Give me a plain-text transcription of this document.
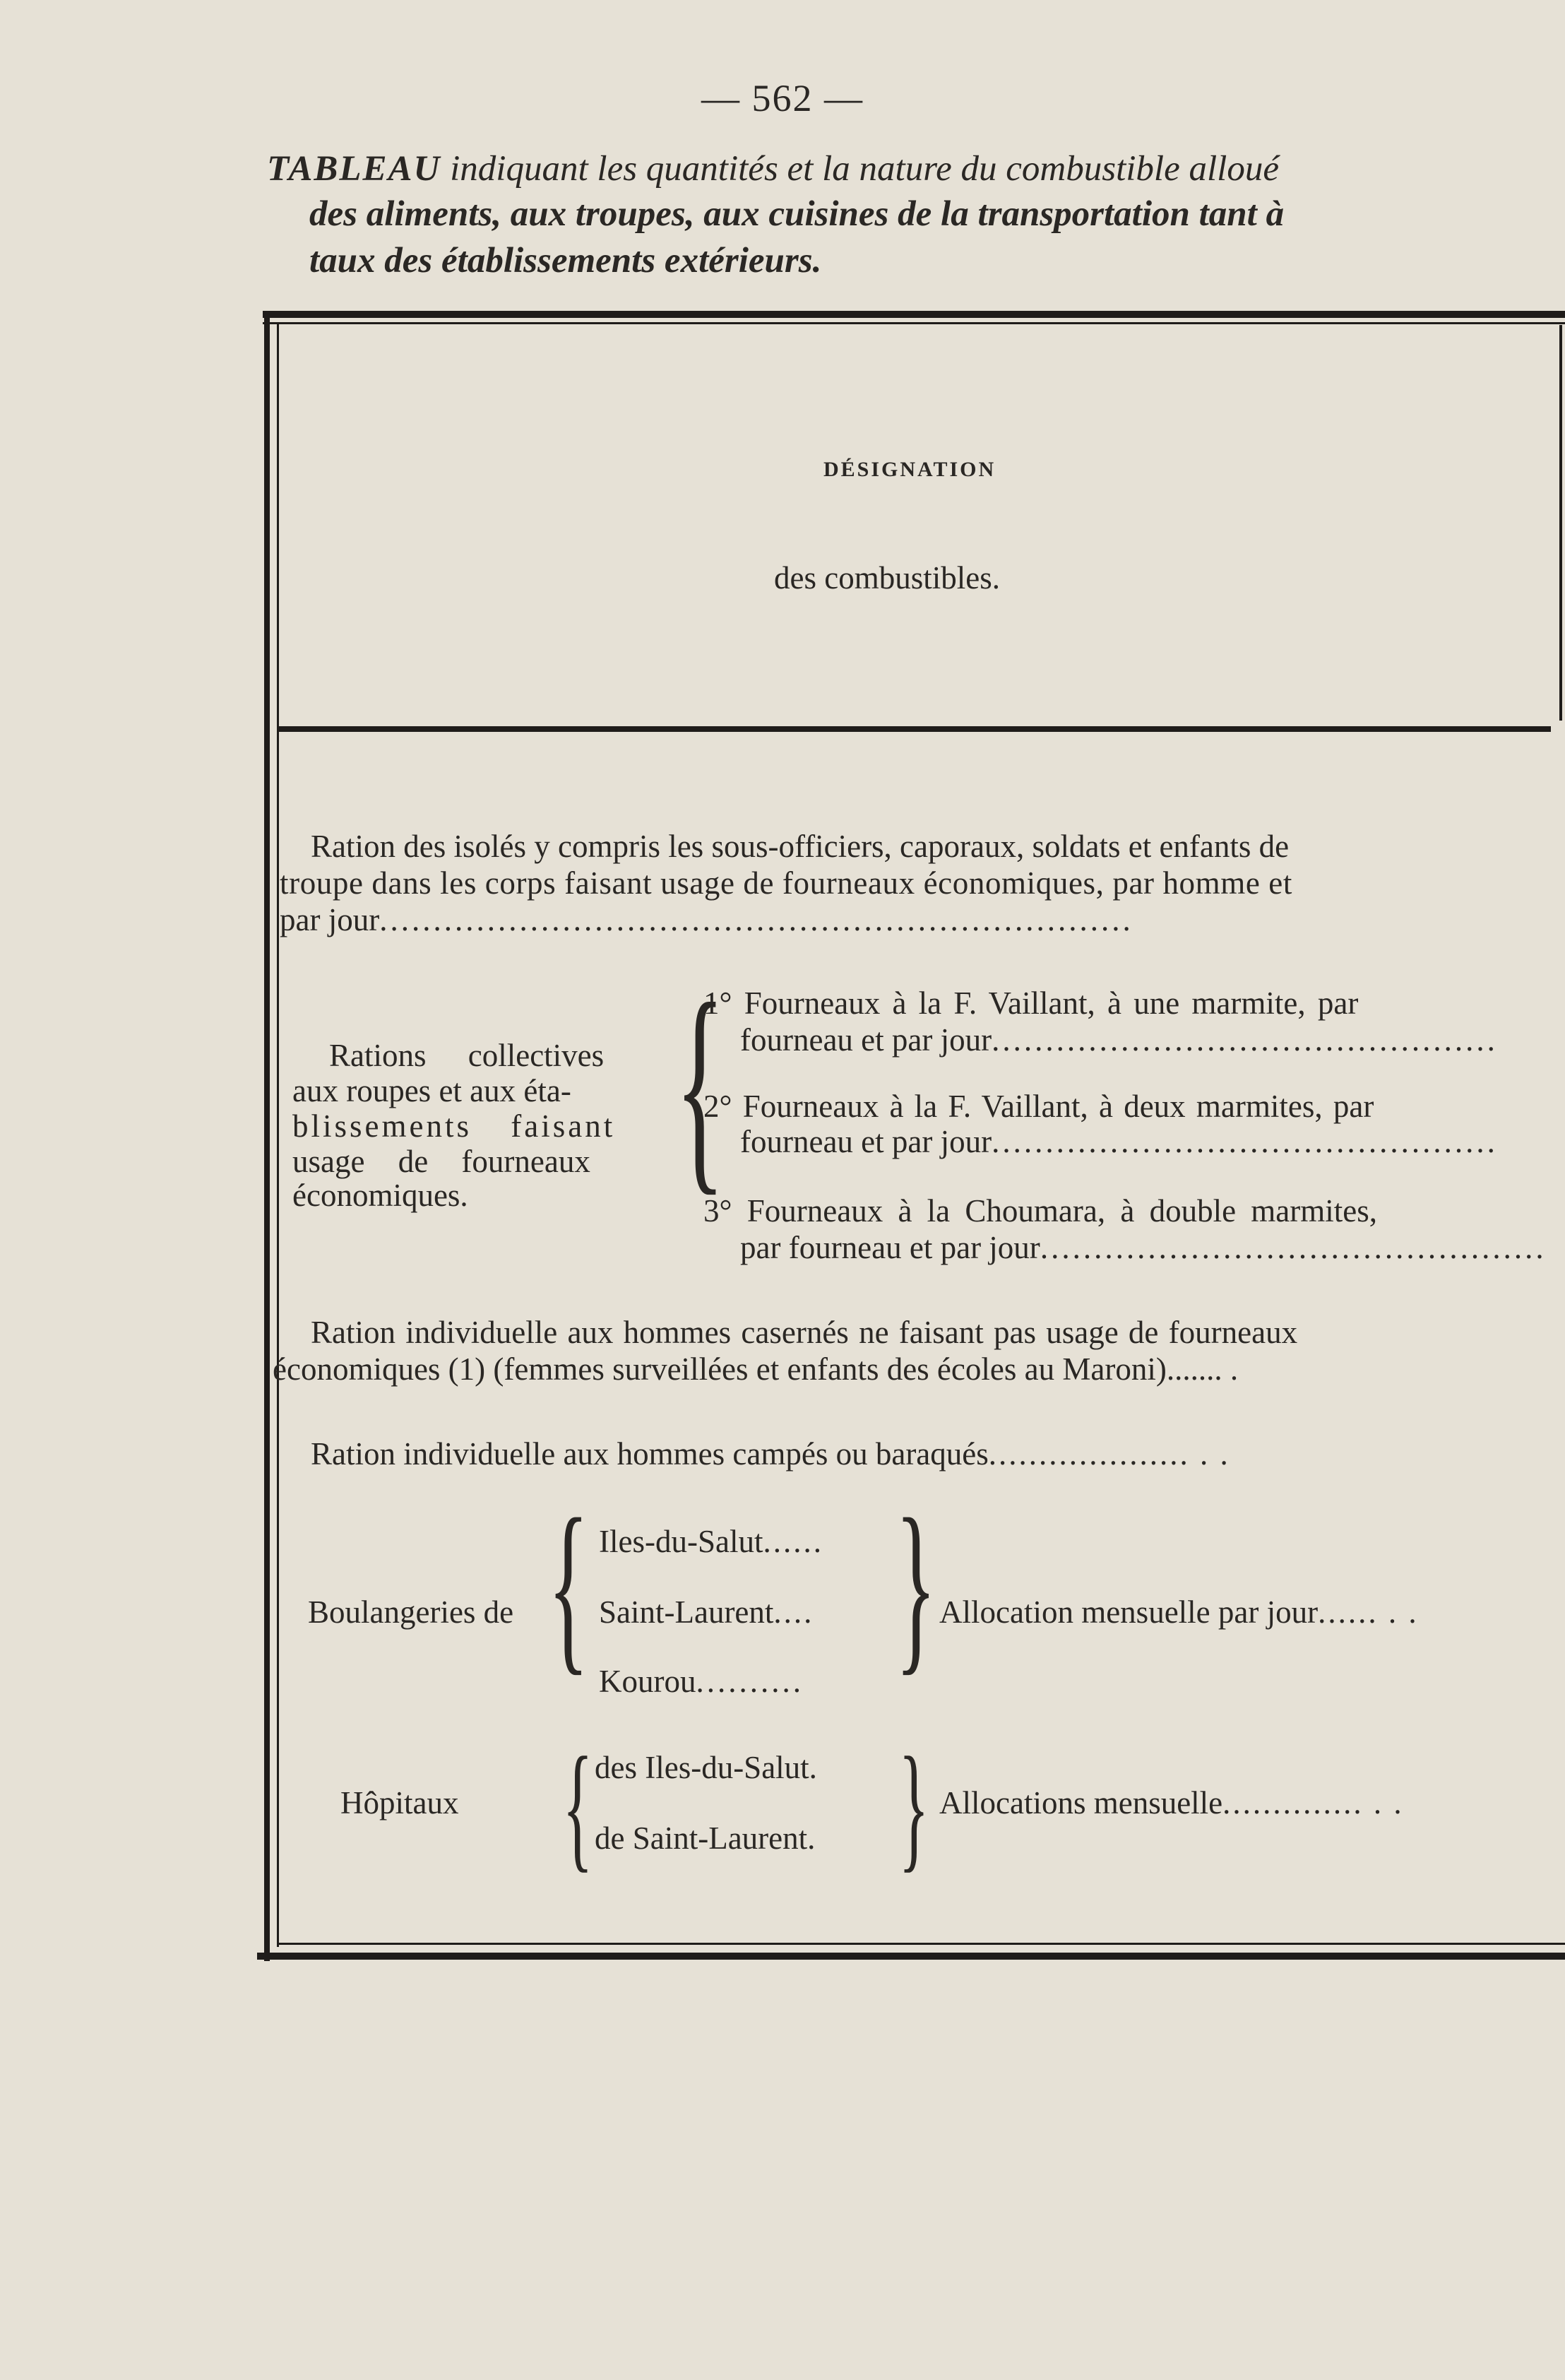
— 562 —
TABLEAU indiquant les quantités et la nature du combustible alloué
des aliments, aux troupes, aux cuisines de la transportation tant à
taux des établissements extérieurs.
DÉSIGNATION
des combustibles.
Ration des isolés y compris les sous-officiers, caporaux, soldats et enfants de
troupe dans les corps faisant usage de fourneaux économiques, par homme et
par jour......................................................................
Rations collectives
aux roupes et aux éta-
blissements faisant
usage de fourneaux
économiques. {
1° Fourneaux à la F. Vaillant, à une marmite, par
fourneau et par jour...............................................
2° Fourneaux à la F. Vaillant, à deux marmites, par
fourneau et par jour...............................................
3° Fourneaux à la Choumara, à double marmites,
par fourneau et par jour...............................................
Ration individuelle aux hommes casernés ne faisant pas usage de fourneaux
économiques (1) (femmes surveillées et enfants des écoles au Maroni)....... .
Ration individuelle aux hommes campés ou baraqués.................... . .
Boulangeries de { Iles-du-Salut......
Saint-Laurent....
Kourou.......... } Allocation mensuelle par jour...... . .
Hôpitaux { des Iles-du-Salut.
de Saint-Laurent. } Allocations mensuelle.............. . .
